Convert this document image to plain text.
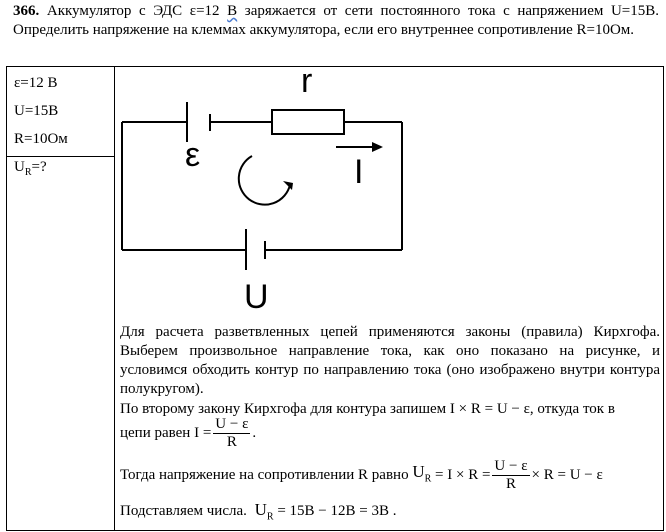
366. Аккумулятор с ЭДС ε=12 В заряжается от сети постоянного тока с напряжением U=15В. Определить напряжение на клеммах аккумулятора, если его внутреннее сопротивление R=10Ом.
ε=12 В
U=15В
R=10Ом
$U_R=$?
r
ε	I
U
Для расчета разветвленных цепей применяются законы (правила) Кирхгофа. Выберем произвольное направление тока, как оно показано на рисунке, и условимся обходить контур по направлению тока (оно изображено внутри контура полукругом).
По второму закону Кирхгофа для контура запишем I × R = U − ε, откуда ток в
цепи равен $I = \frac{U - \varepsilon}{R}$ .
Тогда напряжение на сопротивлении R равно $U_R = I \times R = \frac{U - \varepsilon}{R} \times R = U - \varepsilon$
Подставляем числа. $U_R = 15В - 12В = 3В$ .
